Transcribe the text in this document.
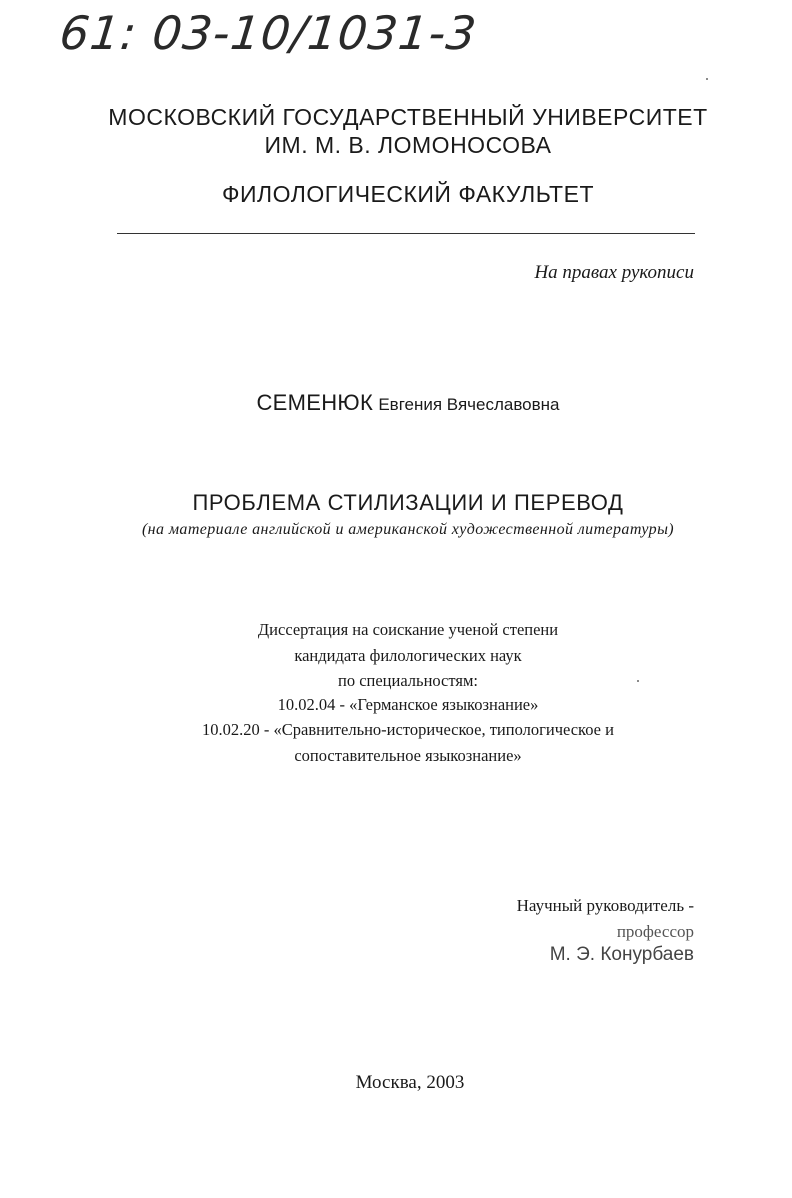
61: 03-10/1031-3
МОСКОВСКИЙ ГОСУДАРСТВЕННЫЙ УНИВЕРСИТЕТ
ИМ. М. В. ЛОМОНОСОВА
ФИЛОЛОГИЧЕСКИЙ ФАКУЛЬТЕТ
На правах рукописи
СЕМЕНЮК Евгения Вячеславовна
ПРОБЛЕМА СТИЛИЗАЦИИ И ПЕРЕВОД
(на материале английской и американской художественной литературы)
Диссертация на соискание ученой степени
кандидата филологических наук
по специальностям:
10.02.04 - «Германское языкознание»
10.02.20 - «Сравнительно-историческое, типологическое и
сопоставительное языкознание»
Научный руководитель -
профессор
М. Э. Конурбаев
Москва, 2003
